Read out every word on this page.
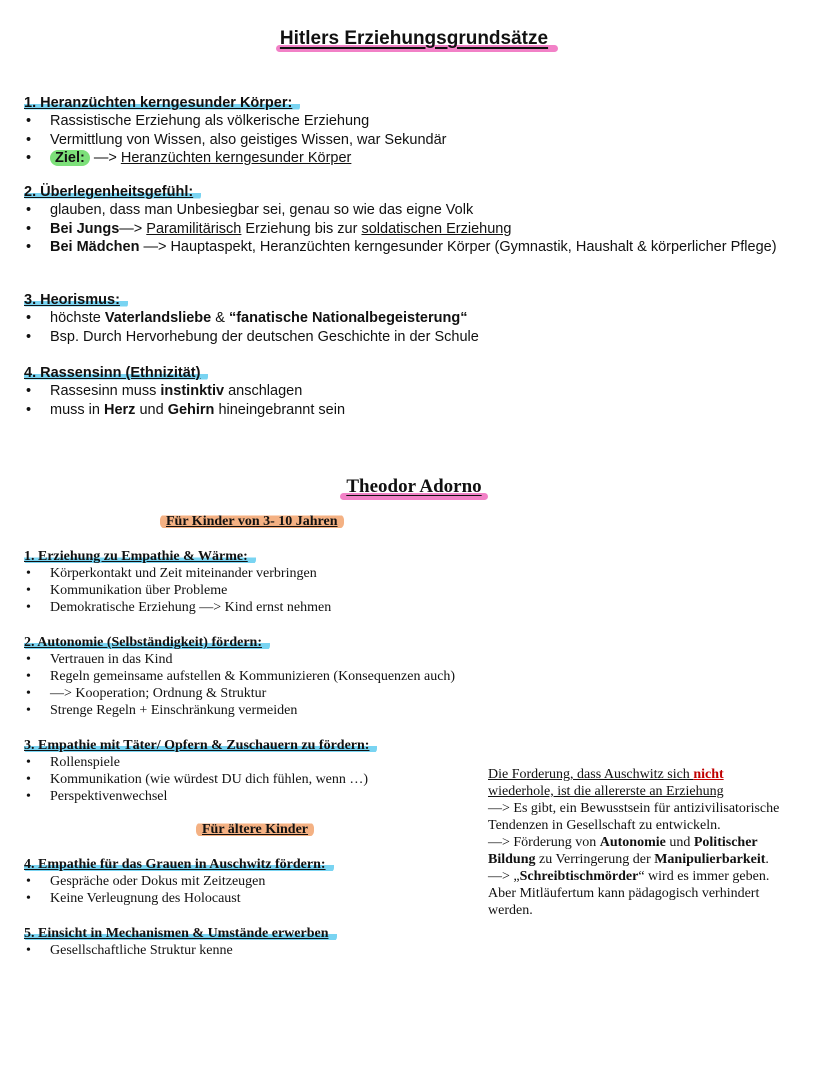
Hitlers Erziehungsgrundsätze
1. Heranzüchten kerngesunder Körper:
• Rassistische Erziehung als völkerische Erziehung
• Vermittlung von Wissen, also geistiges Wissen, war Sekundär
• Ziel: —> Heranzüchten kerngesunder Körper
2. Überlegenheitsgefühl:
• glauben, dass man Unbesiegbar sei, genau so wie das eigne Volk
• Bei Jungs—> Paramilitärisch Erziehung bis zur soldatischen Erziehung
• Bei Mädchen —> Hauptaspekt, Heranzüchten kerngesunder Körper (Gymnastik, Haushalt & körperlicher Pflege)
3. Heorismus:
• höchste Vaterlandsliebe & “fanatische Nationalbegeisterung“
• Bsp. Durch Hervorhebung der deutschen Geschichte in der Schule
4. Rassensinn (Ethnizität)
• Rassesinn muss instinktiv anschlagen
• muss in Herz und Gehirn hineingebrannt sein
Theodor Adorno
Für Kinder von 3- 10 Jahren
1. Erziehung zu Empathie & Wärme:
• Körperkontakt und Zeit miteinander verbringen
• Kommunikation über Probleme
• Demokratische Erziehung —> Kind ernst nehmen
2. Autonomie (Selbständigkeit) fördern:
• Vertrauen in das Kind
• Regeln gemeinsame aufstellen & Kommunizieren (Konsequenzen auch)
• —> Kooperation; Ordnung & Struktur
• Strenge Regeln + Einschränkung vermeiden
3. Empathie mit Täter/ Opfern & Zuschauern zu fördern:
• Rollenspiele
• Kommunikation (wie würdest DU dich fühlen, wenn …)
• Perspektivenwechsel
Für ältere Kinder
4. Empathie für das Grauen in Auschwitz fördern:
• Gespräche oder Dokus mit Zeitzeugen
• Keine Verleugnung des Holocaust
5. Einsicht in Mechanismen & Umstände erwerben
• Gesellschaftliche Struktur kenne
Die Forderung, dass Auschwitz sich nicht
wiederhole, ist die allererste an Erziehung
—> Es gibt, ein Bewusstsein für antizivilisatorische Tendenzen in Gesellschaft zu entwickeln.
—> Förderung von Autonomie und Politischer Bildung zu Verringerung der Manipulierbarkeit.
—> „Schreibtischmörder“ wird es immer geben. Aber Mitläufertum kann pädagogisch verhindert werden.
